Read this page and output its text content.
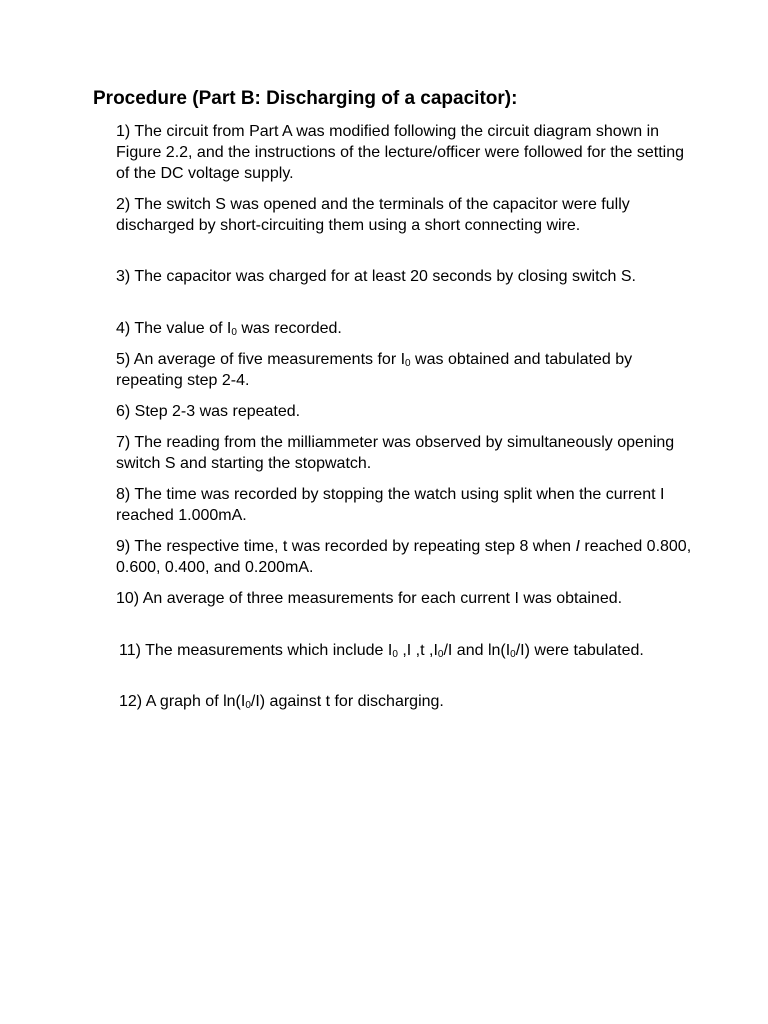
Procedure (Part B: Discharging of a capacitor):

1) The circuit from Part A was modified following the circuit diagram shown in Figure 2.2, and the instructions of the lecture/officer were followed for the setting of the DC voltage supply.

2) The switch S was opened and the terminals of the capacitor were fully discharged by short-circuiting them using a short connecting wire.

3) The capacitor was charged for at least 20 seconds by closing switch S.

4) The value of $I_0$ was recorded.

5) An average of five measurements for $I_0$ was obtained and tabulated by repeating step 2-4.

6) Step 2-3 was repeated.

7) The reading from the milliammeter was observed by simultaneously opening switch S and starting the stopwatch.

8) The time was recorded by stopping the watch using split when the current I reached 1.000mA.

9) The respective time, t was recorded by repeating step 8 when I reached 0.800, 0.600, 0.400, and 0.200mA.

10) An average of three measurements for each current I was obtained.

11) The measurements which include $I_0$ ,I ,t $,I_0/I$ and $\ln(I_0/I)$ were tabulated.

12) A graph of $\ln(I_0/I)$ against t for discharging.
